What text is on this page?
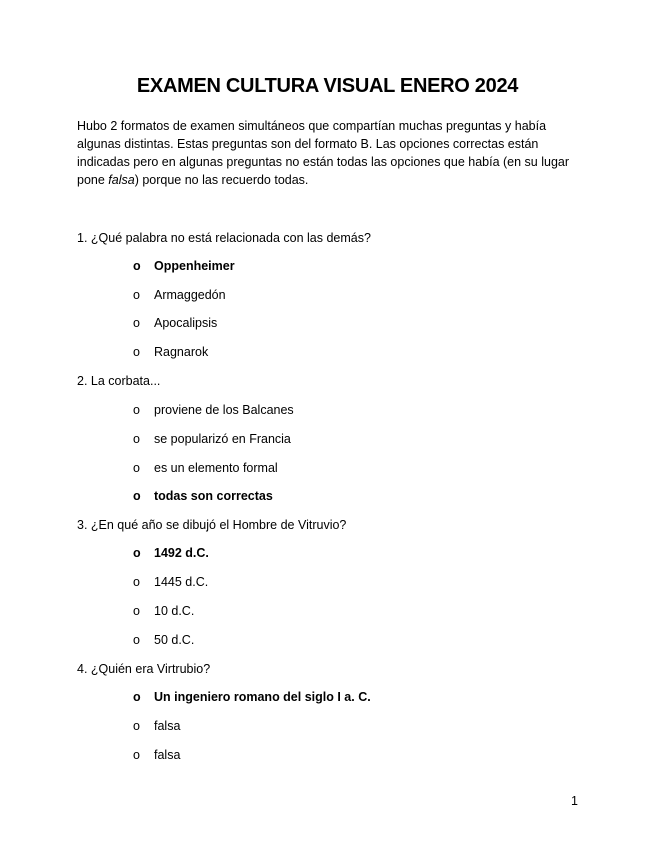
EXAMEN CULTURA VISUAL ENERO 2024

Hubo 2 formatos de examen simultáneos que compartían muchas preguntas y había algunas distintas. Estas preguntas son del formato B. Las opciones correctas están indicadas pero en algunas preguntas no están todas las opciones que había (en su lugar pone falsa) porque no las recuerdo todas.

1. ¿Qué palabra no está relacionada con las demás?
o Oppenheimer
o Armaggedón
o Apocalipsis
o Ragnarok
2. La corbata...
o proviene de los Balcanes
o se popularizó en Francia
o es un elemento formal
o todas son correctas
3. ¿En qué año se dibujó el Hombre de Vitruvio?
o 1492 d.C.
o 1445 d.C.
o 10 d.C.
o 50 d.C.
4. ¿Quién era Virtrubio?
o Un ingeniero romano del siglo I a. C.
o falsa
o falsa
1
